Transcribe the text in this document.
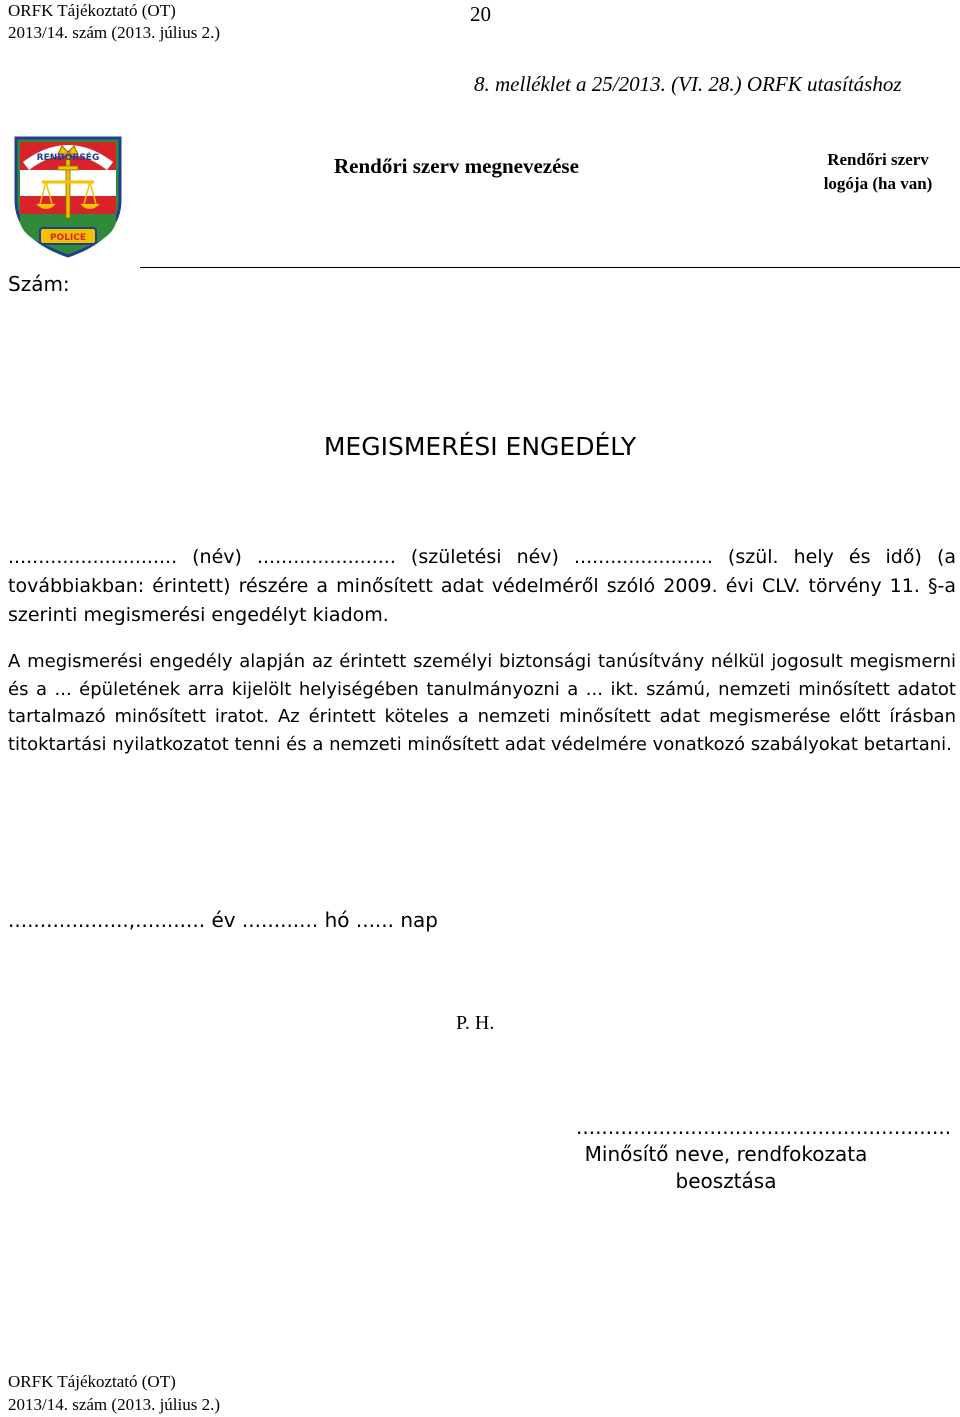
ORFK Tájékoztató (OT)
2013/14. szám (2013. július 2.)
20
8. melléklet a 25/2013. (VI. 28.) ORFK utasításhoz
POLICE
RENDŐRSÉG	Rendőri szerv megnevezése	Rendőri szerv
logója (ha van)
Szám:
MEGISMERÉSI ENGEDÉLY
............................ (név) ....................... (születési név) ....................... (szül. hely és idő) (a továbbiakban: érintett) részére a minősített adat védelméről szóló 2009. évi CLV. törvény 11. §-a szerinti megismerési engedélyt kiadom.
A megismerési engedély alapján az érintett személyi biztonsági tanúsítvány nélkül jogosult megismerni és a ... épületének arra kijelölt helyiségében tanulmányozni a ... ikt. számú, nemzeti minősített adatot tartalmazó minősített iratot. Az érintett köteles a nemzeti minősített adat megismerése előtt írásban titoktartási nyilatkozatot tenni és a nemzeti minősített adat védelmére vonatkozó szabályokat betartani.
...................,........... év ............ hó ...... nap
P. H.
...........................................................
Minősítő neve, rendfokozata
beosztása
ORFK Tájékoztató (OT)
2013/14. szám (2013. július 2.)
